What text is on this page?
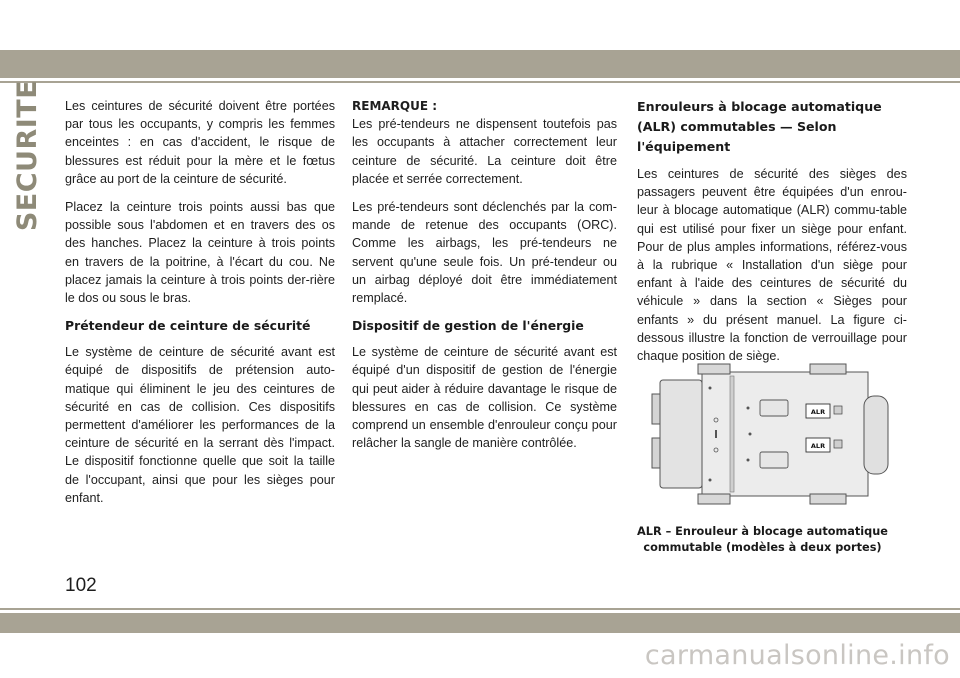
SECURITE Les ceintures de sécurité doivent être portées par tous les occupants, y compris les femmes enceintes : en cas d'accident, le risque de blessures est réduit pour la mère et le fœtus grâce au port de la ceinture de sécurité.

Placez la ceinture trois points aussi bas que possible sous l'abdomen et en travers des os des hanches. Placez la ceinture à trois points en travers de la poitrine, à l'écart du cou. Ne placez jamais la ceinture à trois points der-rière le dos ou sous le bras.

Prétendeur de ceinture de sécurité

Le système de ceinture de sécurité avant est équipé de dispositifs de prétension auto-matique qui éliminent le jeu des ceintures de sécurité en cas de collision. Ces dispositifs permettent d'améliorer les performances de la ceinture de sécurité en la serrant dès l'impact. Le dispositif fonctionne quelle que soit la taille de l'occupant, ainsi que pour les sièges pour enfant.

REMARQUE :

Les pré-tendeurs ne dispensent toutefois pas les occupants à attacher correctement leur ceinture de sécurité. La ceinture doit être placée et serrée correctement.

Les pré-tendeurs sont déclenchés par la com-mande de retenue des occupants (ORC). Comme les airbags, les pré-tendeurs ne servent qu'une seule fois. Un pré-tendeur ou un airbag déployé doit être immédiatement remplacé.

Dispositif de gestion de l'énergie

Le système de ceinture de sécurité avant est équipé d'un dispositif de gestion de l'énergie qui peut aider à réduire davantage le risque de blessures en cas de collision. Ce système comprend un ensemble d'enrouleur conçu pour relâcher la sangle de manière contrôlée.

Enrouleurs à blocage automatique (ALR) commutables — Selon l'équipement

Les ceintures de sécurité des sièges des passagers peuvent être équipées d'un enrou-leur à blocage automatique (ALR) commu-table qui est utilisé pour fixer un siège pour enfant. Pour de plus amples informations, référez-vous à la rubrique « Installation d'un siège pour enfant à l'aide des ceintures de sécurité du véhicule » dans la section « Sièges pour enfants » du présent manuel. La figure ci-dessous illustre la fonction de verrouillage pour chaque position de siège.

ALR
ALR
ALR – Enrouleur à blocage automatique
commutable (modèles à deux portes)
102
carmanualsonline.info
